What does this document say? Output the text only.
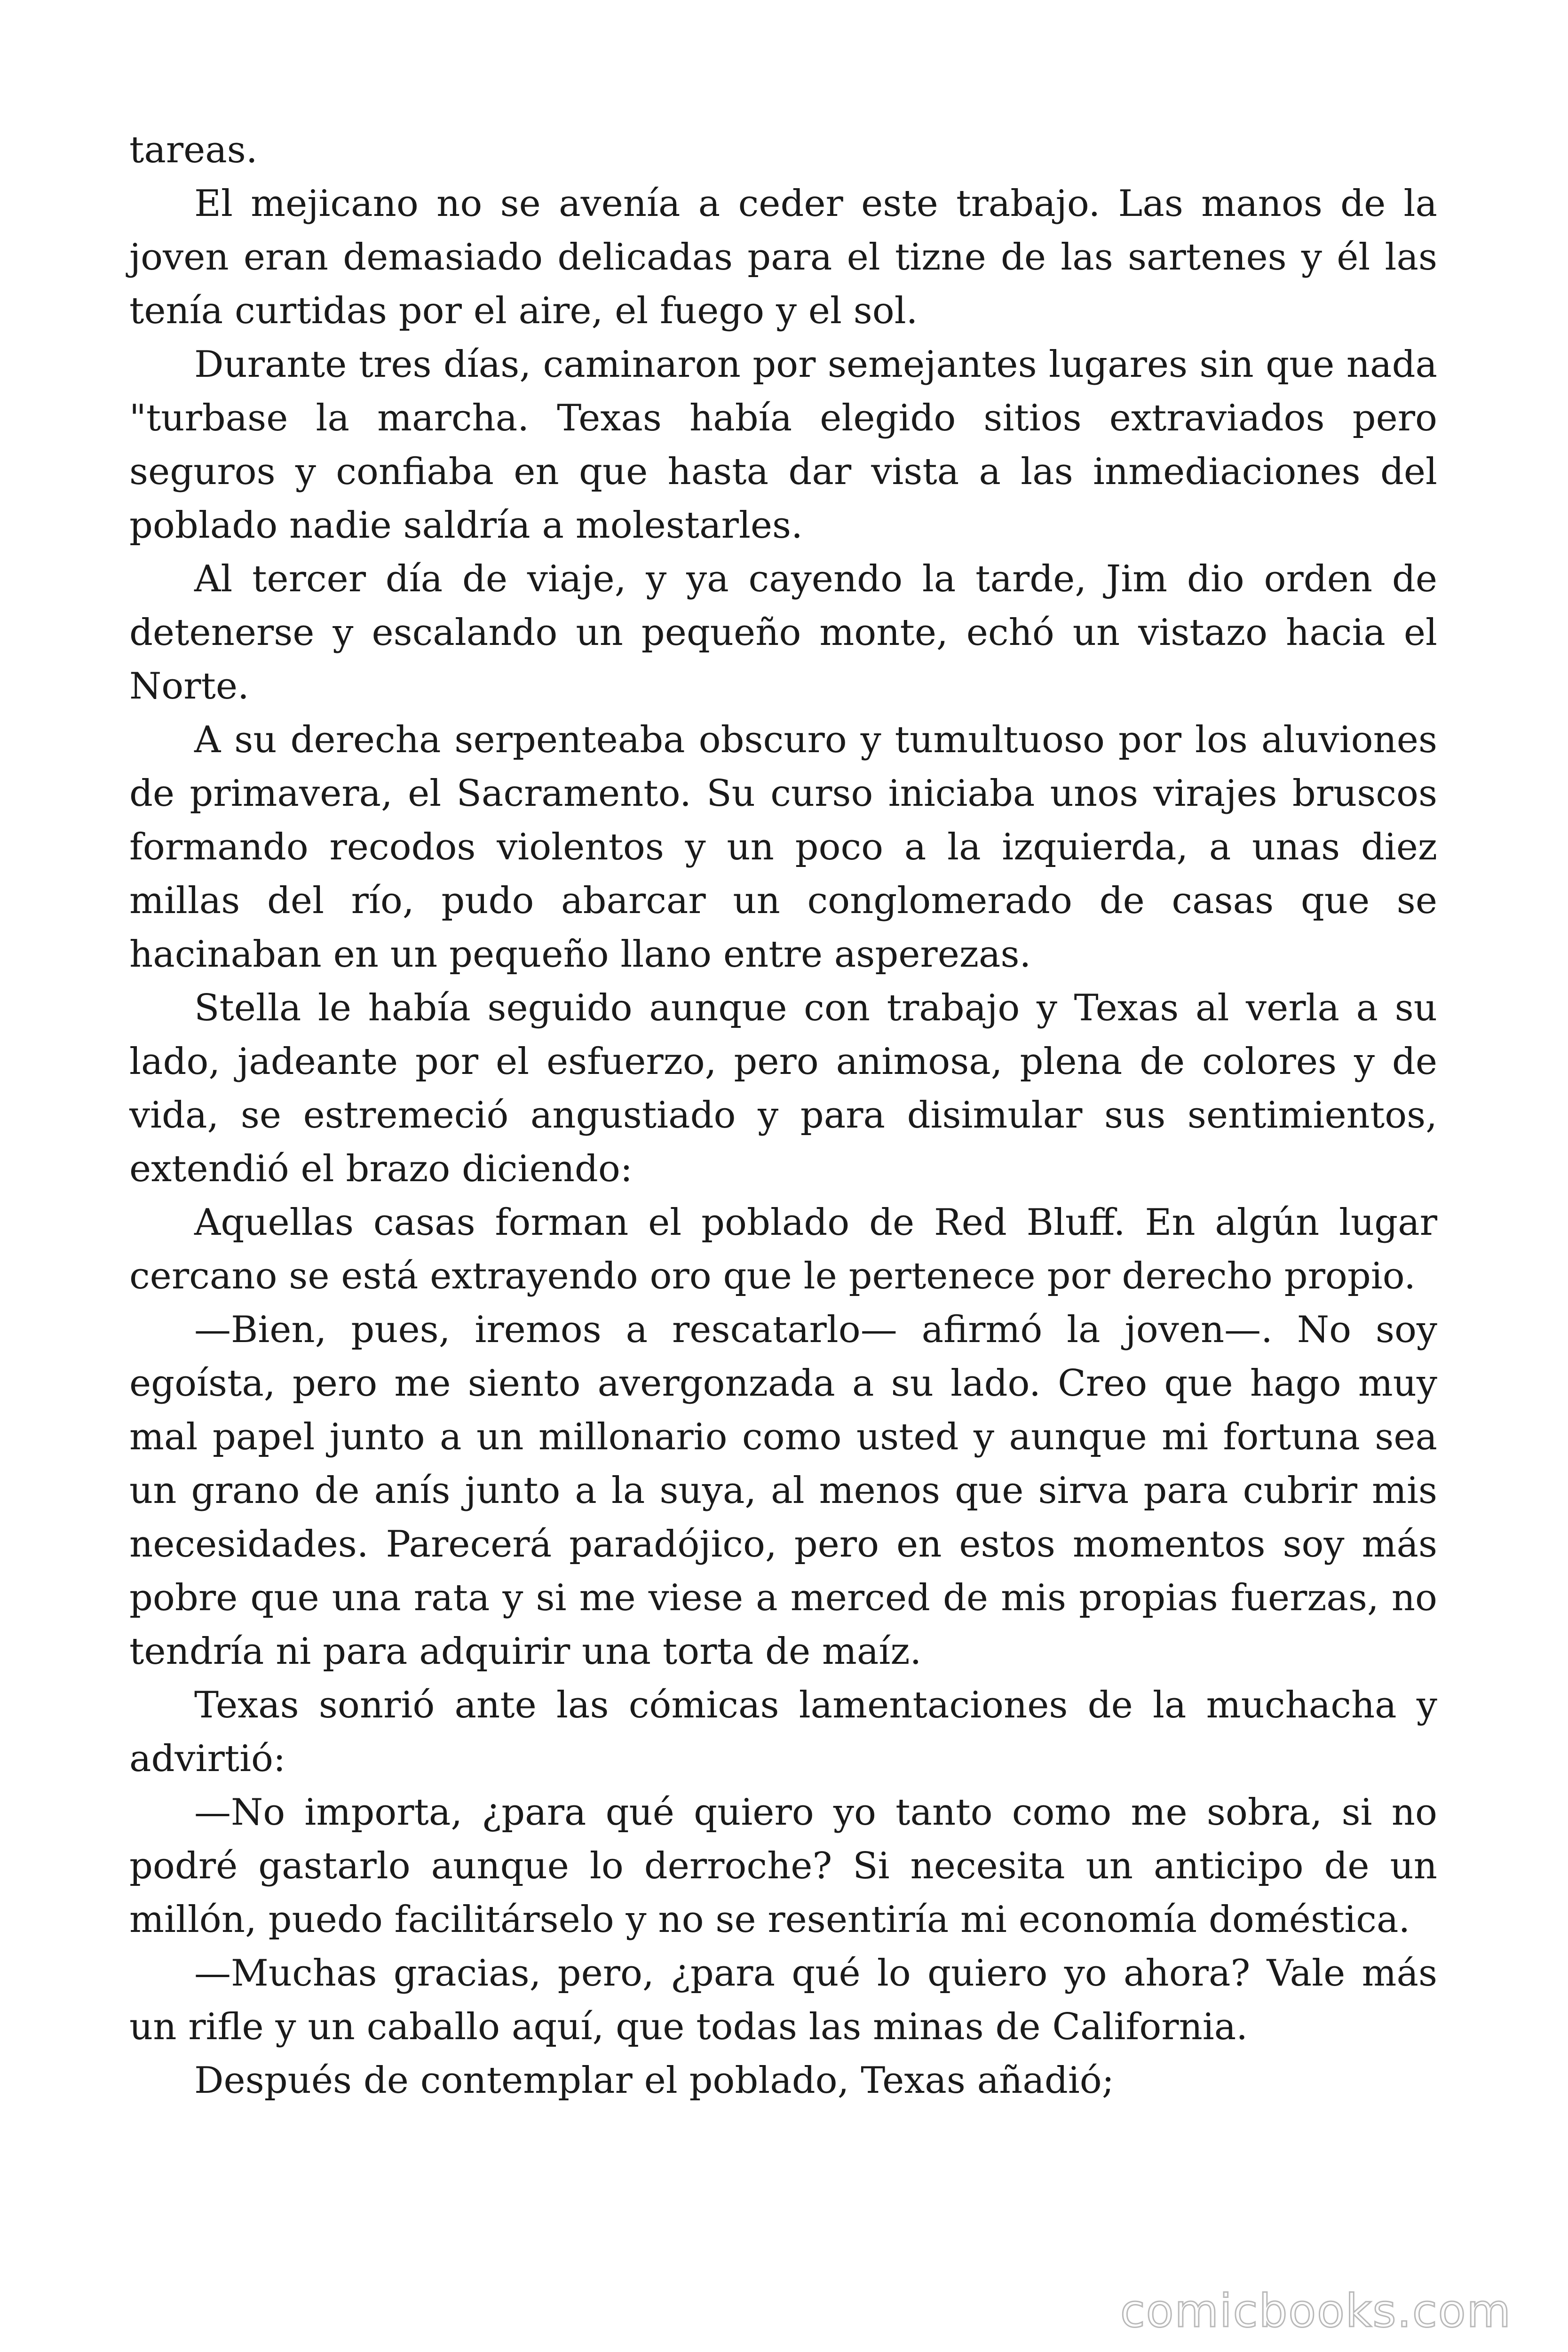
tareas.

El mejicano no se avenía a ceder este trabajo. Las manos de la joven eran demasiado delicadas para el tizne de las sartenes y él las tenía curtidas por el aire, el fuego y el sol.

Durante tres días, caminaron por semejantes lugares sin que nada "turbase la marcha. Texas había elegido sitios extraviados pero seguros y confiaba en que hasta dar vista a las inmediaciones del poblado nadie saldría a molestarles.

Al tercer día de viaje, y ya cayendo la tarde, Jim dio orden de detenerse y escalando un pequeño monte, echó un vistazo hacia el Norte.

A su derecha serpenteaba obscuro y tumultuoso por los aluviones de primavera, el Sacramento. Su curso iniciaba unos virajes bruscos formando recodos violentos y un poco a la izquierda, a unas diez millas del río, pudo abarcar un conglomerado de casas que se hacinaban en un pequeño llano entre asperezas.

Stella le había seguido aunque con trabajo y Texas al verla a su lado, jadeante por el esfuerzo, pero animosa, plena de colores y de vida, se estremeció angustiado y para disimular sus sentimientos, extendió el brazo diciendo:

Aquellas casas forman el poblado de Red Bluff. En algún lugar cercano se está extrayendo oro que le pertenece por derecho propio.

—Bien, pues, iremos a rescatarlo— afirmó la joven—. No soy egoísta, pero me siento avergonzada a su lado. Creo que hago muy mal papel junto a un millonario como usted y aunque mi fortuna sea un grano de anís junto a la suya, al menos que sirva para cubrir mis necesidades. Parecerá paradójico, pero en estos momentos soy más pobre que una rata y si me viese a merced de mis propias fuerzas, no tendría ni para adquirir una torta de maíz.

Texas sonrió ante las cómicas lamentaciones de la muchacha y advirtió:

—No importa, ¿para qué quiero yo tanto como me sobra, si no podré gastarlo aunque lo derroche? Si necesita un anticipo de un millón, puedo facilitárselo y no se resentiría mi economía doméstica.

—Muchas gracias, pero, ¿para qué lo quiero yo ahora? Vale más un rifle y un caballo aquí, que todas las minas de California.

Después de contemplar el poblado, Texas añadió;

comicbooks.com
